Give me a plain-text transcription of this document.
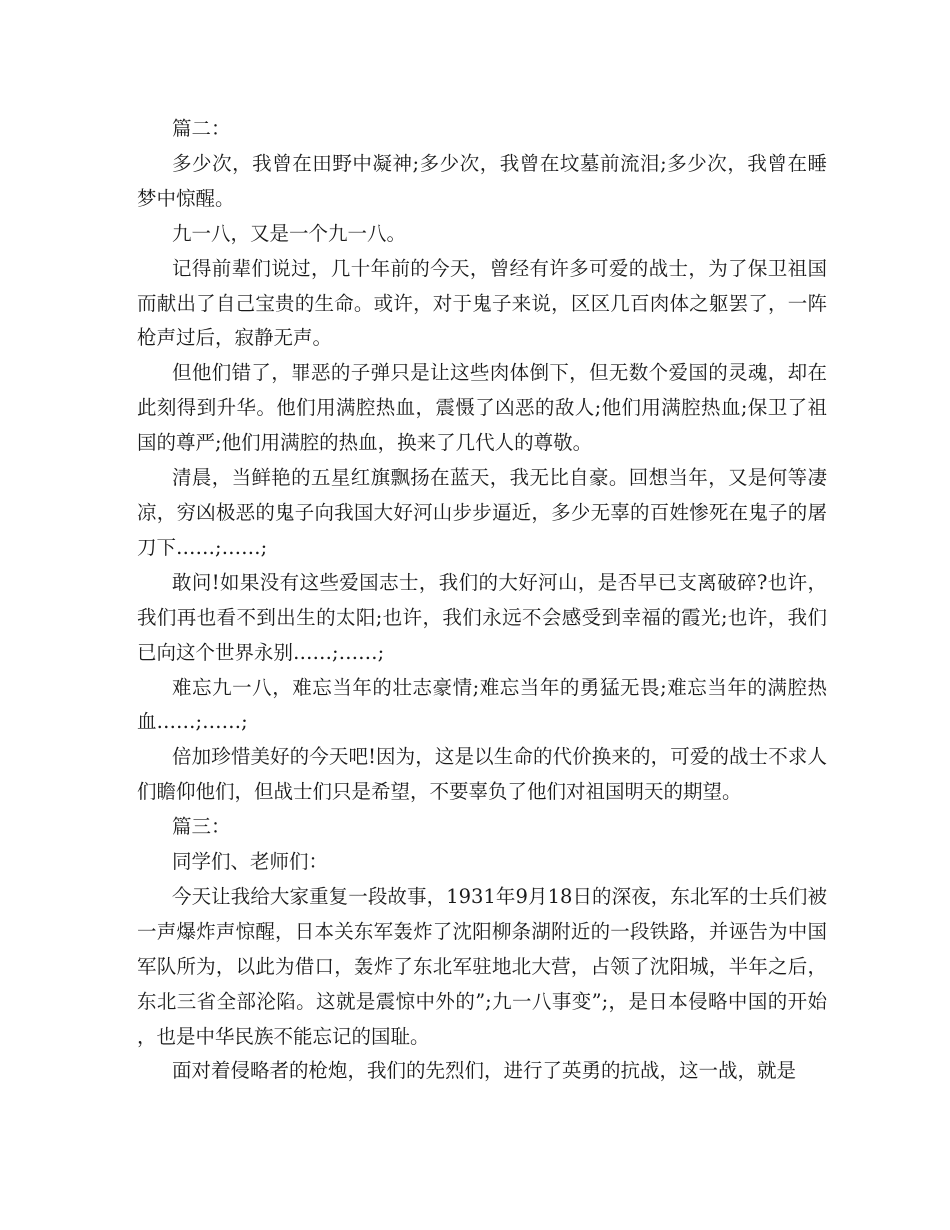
篇二：

多少次，我曾在田野中凝神;多少次，我曾在坟墓前流泪;多少次，我曾在睡梦中惊醒。

九一八，又是一个九一八。

记得前辈们说过，几十年前的今天，曾经有许多可爱的战士，为了保卫祖国而献出了自己宝贵的生命。或许，对于鬼子来说，区区几百肉体之躯罢了，一阵枪声过后，寂静无声。

但他们错了，罪恶的子弹只是让这些肉体倒下，但无数个爱国的灵魂，却在此刻得到升华。他们用满腔热血，震慑了凶恶的敌人;他们用满腔热血;保卫了祖国的尊严;他们用满腔的热血，换来了几代人的尊敬。

清晨，当鲜艳的五星红旗飘扬在蓝天，我无比自豪。回想当年，又是何等凄凉，穷凶极恶的鬼子向我国大好河山步步逼近，多少无辜的百姓惨死在鬼子的屠刀下……;……;

敢问!如果没有这些爱国志士，我们的大好河山，是否早已支离破碎?也许，我们再也看不到出生的太阳;也许，我们永远不会感受到幸福的霞光;也许，我们已向这个世界永别……;……;

难忘九一八，难忘当年的壮志豪情;难忘当年的勇猛无畏;难忘当年的满腔热血……;……;

倍加珍惜美好的今天吧!因为，这是以生命的代价换来的，可爱的战士不求人们瞻仰他们，但战士们只是希望，不要辜负了他们对祖国明天的期望。

篇三：

同学们、老师们：

今天让我给大家重复一段故事，1931年9月18日的深夜，东北军的士兵们被一声爆炸声惊醒，日本关东军轰炸了沈阳柳条湖附近的一段铁路，并诬告为中国军队所为，以此为借口，轰炸了东北军驻地北大营，占领了沈阳城，半年之后，东北三省全部沦陷。这就是震惊中外的”;九一八事变”;，是日本侵略中国的开始，也是中华民族不能忘记的国耻。

面对着侵略者的枪炮，我们的先烈们，进行了英勇的抗战，这一战，就是
